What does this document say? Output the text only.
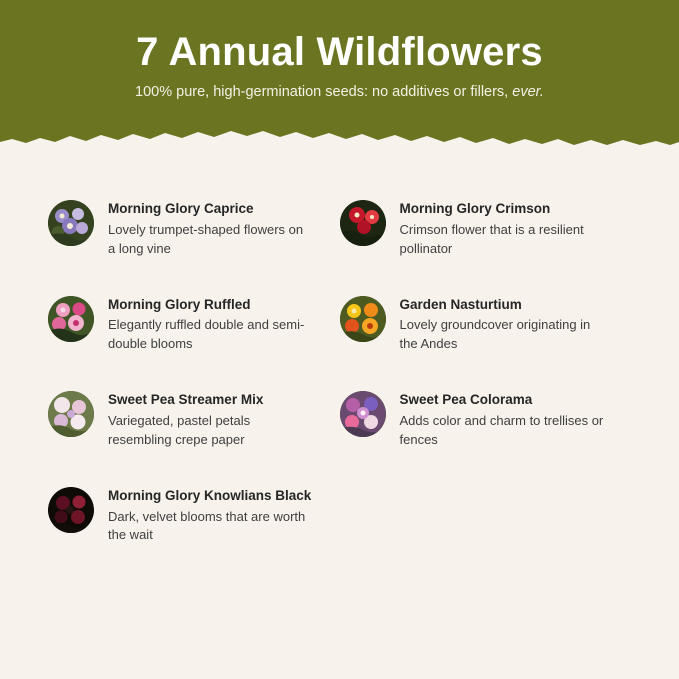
7 Annual Wildflowers

100% pure, high-germination seeds: no additives or fillers, ever.

Morning Glory Caprice

Lovely trumpet-shaped flowers on a long vine

Morning Glory Crimson

Crimson flower that is a resilient pollinator

Morning Glory Ruffled

Elegantly ruffled double and semi-double blooms

Garden Nasturtium

Lovely groundcover originating in the Andes

Sweet Pea Streamer Mix

Variegated, pastel petals resembling crepe paper

Sweet Pea Colorama

Adds color and charm to trellises or fences

Morning Glory Knowlians Black

Dark, velvet blooms that are worth the wait
